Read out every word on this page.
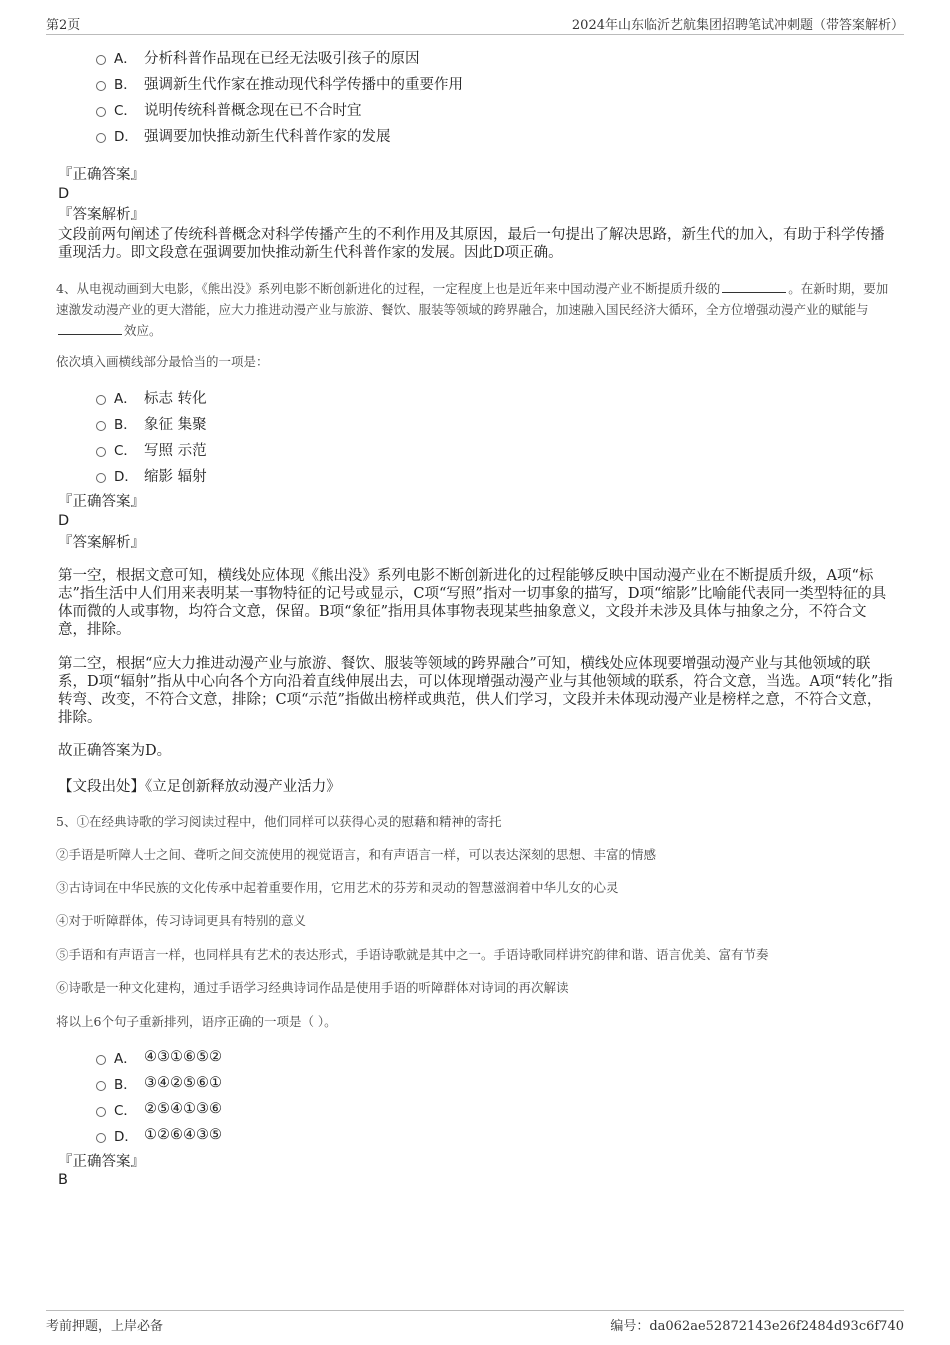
第2页	2024年山东临沂艺航集团招聘笔试冲刺题（带答案解析）
A． 分析科普作品现在已经无法吸引孩子的原因
B． 强调新生代作家在推动现代科学传播中的重要作用
C． 说明传统科普概念现在已不合时宜
D． 强调要加快推动新生代科普作家的发展
『正确答案』
D
『答案解析』
文段前两句阐述了传统科普概念对科学传播产生的不利作用及其原因，最后一句提出了解决思路，新生代的加入，有助于科学传播重现活力。即文段意在强调要加快推动新生代科普作家的发展。因此D项正确。
4、从电视动画到大电影，《熊出没》系列电影不断创新进化的过程，一定程度上也是近年来中国动漫产业不断提质升级的	。在新时期，要加速激发动漫产业的更大潜能，应大力推进动漫产业与旅游、餐饮、服装等领域的跨界融合，加速融入国民经济大循环，全方位增强动漫产业的赋能与效应。
依次填入画横线部分最恰当的一项是：
A． 标志 转化
B． 象征 集聚
C． 写照 示范
D． 缩影 辐射
『正确答案』
D
『答案解析』
第一空，根据文意可知，横线处应体现《熊出没》系列电影不断创新进化的过程能够反映中国动漫产业在不断提质升级，A项“标志”指生活中人们用来表明某一事物特征的记号或显示，C项“写照”指对一切事象的描写，D项“缩影”比喻能代表同一类型特征的具体而微的人或事物，均符合文意，保留。B项“象征”指用具体事物表现某些抽象意义，文段并未涉及具体与抽象之分，不符合文意，排除。
第二空，根据“应大力推进动漫产业与旅游、餐饮、服装等领域的跨界融合”可知，横线处应体现要增强动漫产业与其他领域的联系，D项“辐射”指从中心向各个方向沿着直线伸展出去，可以体现增强动漫产业与其他领域的联系，符合文意，当选。A项“转化”指转弯、改变，不符合文意，排除；C项“示范”指做出榜样或典范，供人们学习，文段并未体现动漫产业是榜样之意，不符合文意，排除。
故正确答案为D。
【文段出处】《立足创新释放动漫产业活力》
5、①在经典诗歌的学习阅读过程中，他们同样可以获得心灵的慰藉和精神的寄托
②手语是听障人士之间、聋听之间交流使用的视觉语言，和有声语言一样，可以表达深刻的思想、丰富的情感
③古诗词在中华民族的文化传承中起着重要作用，它用艺术的芬芳和灵动的智慧滋润着中华儿女的心灵
④对于听障群体，传习诗词更具有特别的意义
⑤手语和有声语言一样，也同样具有艺术的表达形式，手语诗歌就是其中之一。手语诗歌同样讲究韵律和谐、语言优美、富有节奏
⑥诗歌是一种文化建构，通过手语学习经典诗词作品是使用手语的听障群体对诗词的再次解读
将以上6个句子重新排列，语序正确的一项是（ ）。
A． ④③①⑥⑤②
B． ③④②⑤⑥①
C． ②⑤④①③⑥
D． ①②⑥④③⑤
『正确答案』
B
考前押题，上岸必备	编号：da062ae52872143e26f2484d93c6f740
